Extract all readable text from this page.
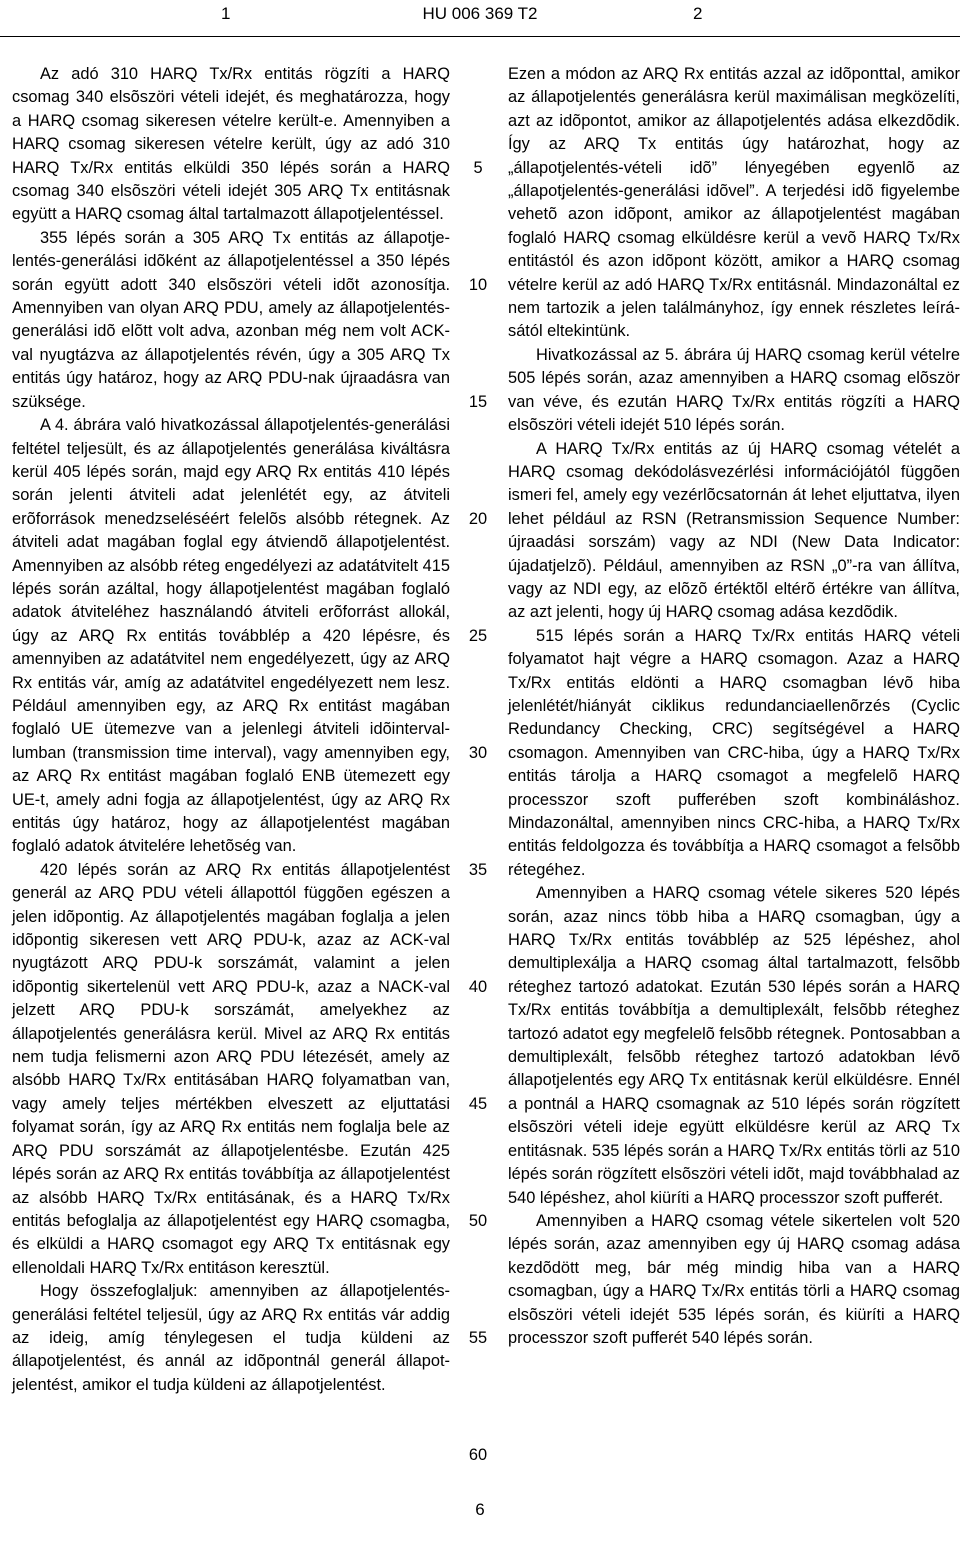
1	HU 006 369 T2	2

Az adó 310 HARQ Tx/Rx entitás rögzíti a HARQ csomag 340 elsõszöri vételi idejét, és meghatározza, hogy a HARQ csomag sikeresen vételre került-e. Amennyiben a HARQ csomag sikeresen vételre került, úgy az adó 310 HARQ Tx/Rx entitás elküldi 350 lépés során a HARQ csomag 340 elsõszöri vételi idejét 305 ARQ Tx entitásnak együtt a HARQ csomag által tartalmazott állapotjelentéssel.

355 lépés során a 305 ARQ Tx entitás az állapotjelentés-generálási idõként az állapotjelentéssel a 350 lépés során együtt adott 340 elsõszöri vételi idõt azonosítja. Amennyiben van olyan ARQ PDU, amely az állapotjelentés-generálási idõ elõtt volt adva, azonban még nem volt ACK-val nyugtázva az állapotjelentés révén, úgy a 305 ARQ Tx entitás úgy határoz, hogy az ARQ PDU-nak újraadásra van szüksége.

A 4. ábrára való hivatkozással állapotjelentés-generálási feltétel teljesült, és az állapotjelentés generálása kiváltásra kerül 405 lépés során, majd egy ARQ Rx entitás 410 lépés során jelenti átviteli adat jelenlétét egy, az átviteli erõforrások menedzseléséért felelõs alsóbb rétegnek. Az átviteli adat magában foglal egy átviendõ állapotjelentést. Amennyiben az alsóbb réteg engedélyezi az adatátvitelt 415 lépés során azáltal, hogy állapotjelentést magában foglaló adatok átviteléhez használandó átviteli erõforrást allokál, úgy az ARQ Rx entitás továbblép a 420 lépésre, és amennyiben az adatátvitel nem engedélyezett, úgy az ARQ Rx entitás vár, amíg az adatátvitel engedélyezett nem lesz. Például amennyiben egy, az ARQ Rx entitást magában foglaló UE ütemezve van a jelenlegi átviteli idõintervallumban (transmission time interval), vagy amennyiben egy, az ARQ Rx entitást magában foglaló ENB ütemezett egy UE-t, amely adni fogja az állapotjelentést, úgy az ARQ Rx entitás úgy határoz, hogy az állapotjelentést magában foglaló adatok átvitelére lehetõség van.

420 lépés során az ARQ Rx entitás állapotjelentést generál az ARQ PDU vételi állapottól függõen egészen a jelen idõpontig. Az állapotjelentés magában foglalja a jelen idõpontig sikeresen vett ARQ PDU-k, azaz az ACK-val nyugtázott ARQ PDU-k sorszámát, valamint a jelen idõpontig sikertelenül vett ARQ PDU-k, azaz a NACK-val jelzett ARQ PDU-k sorszámát, amelyekhez az állapotjelentés generálásra kerül. Mivel az ARQ Rx entitás nem tudja felismerni azon ARQ PDU létezését, amely az alsóbb HARQ Tx/Rx entitásában HARQ folyamatban van, vagy amely teljes mértékben elveszett az eljuttatási folyamat során, így az ARQ Rx entitás nem foglalja bele az ARQ PDU sorszámát az állapotjelentésbe. Ezután 425 lépés során az ARQ Rx entitás továbbítja az állapotjelentést az alsóbb HARQ Tx/Rx entitásának, és a HARQ Tx/Rx entitás befoglalja az állapotjelentést egy HARQ csomagba, és elküldi a HARQ csomagot egy ARQ Tx entitásnak egy ellenoldali HARQ Tx/Rx entitáson keresztül.

Hogy összefoglaljuk: amennyiben az állapotjelentés-generálási feltétel teljesül, úgy az ARQ Rx entitás vár addig az ideig, amíg ténylegesen el tudja küldeni az állapotjelentést, és annál az idõpontnál generál állapotjelentést, amikor el tudja küldeni az állapotjelentést.

5
10
15
20
25
30
35
40
45
50
55
60

Ezen a módon az ARQ Rx entitás azzal az idõponttal, amikor az állapotjelentés generálásra kerül maximálisan megközelíti, azt az idõpontot, amikor az állapotjelentés adása elkezdõdik. Így az ARQ Tx entitás úgy határozhat, hogy az „állapotjelentés-vételi idõ” lényegében egyenlõ az „állapotjelentés-generálási idõvel”. A terjedési idõ figyelembe vehetõ azon idõpont, amikor az állapotjelentést magában foglaló HARQ csomag elküldésre kerül a vevõ HARQ Tx/Rx entitástól és azon idõpont között, amikor a HARQ csomag vételre kerül az adó HARQ Tx/Rx entitásnál. Mindazonáltal ez nem tartozik a jelen találmányhoz, így ennek részletes leírásától eltekintünk.

Hivatkozással az 5. ábrára új HARQ csomag kerül vételre 505 lépés során, azaz amennyiben a HARQ csomag elõször van véve, és ezután HARQ Tx/Rx entitás rögzíti a HARQ elsõszöri vételi idejét 510 lépés során.

A HARQ Tx/Rx entitás az új HARQ csomag vételét a HARQ csomag dekódolásvezérlési információjától függõen ismeri fel, amely egy vezérlõcsatornán át lehet eljuttatva, ilyen lehet például az RSN (Retransmission Sequence Number: újraadási sorszám) vagy az NDI (New Data Indicator: újadatjelzõ). Például, amennyiben az RSN „0”-ra van állítva, vagy az NDI egy, az elõzõ értéktõl eltérõ értékre van állítva, az azt jelenti, hogy új HARQ csomag adása kezdõdik.

515 lépés során a HARQ Tx/Rx entitás HARQ vételi folyamatot hajt végre a HARQ csomagon. Azaz a HARQ Tx/Rx entitás eldönti a HARQ csomagban lévõ hiba jelenlétét/hiányát ciklikus redundanciaellenõrzés (Cyclic Redundancy Checking, CRC) segítségével a HARQ csomagon. Amennyiben van CRC-hiba, úgy a HARQ Tx/Rx entitás tárolja a HARQ csomagot a megfelelõ HARQ processzor szoft pufferében szoft kombináláshoz. Mindazonáltal, amennyiben nincs CRC-hiba, a HARQ Tx/Rx entitás feldolgozza és továbbítja a HARQ csomagot a felsõbb rétegéhez.

Amennyiben a HARQ csomag vétele sikeres 520 lépés során, azaz nincs több hiba a HARQ csomagban, úgy a HARQ Tx/Rx entitás továbblép az 525 lépéshez, ahol demultiplexálja a HARQ csomag által tartalmazott, felsõbb réteghez tartozó adatokat. Ezután 530 lépés során a HARQ Tx/Rx entitás továbbítja a demultiplexált, felsõbb réteghez tartozó adatot egy megfelelõ felsõbb rétegnek. Pontosabban a demultiplexált, felsõbb réteghez tartozó adatokban lévõ állapotjelentés egy ARQ Tx entitásnak kerül elküldésre. Ennél a pontnál a HARQ csomagnak az 510 lépés során rögzített elsõszöri vételi ideje együtt elküldésre kerül az ARQ Tx entitásnak. 535 lépés során a HARQ Tx/Rx entitás törli az 510 lépés során rögzített elsõszöri vételi idõt, majd továbbhalad az 540 lépéshez, ahol kiüríti a HARQ processzor szoft pufferét.

Amennyiben a HARQ csomag vétele sikertelen volt 520 lépés során, azaz amennyiben egy új HARQ csomag adása kezdõdött meg, bár még mindig hiba van a HARQ csomagban, úgy a HARQ Tx/Rx entitás törli a HARQ csomag elsõszöri vételi idejét 535 lépés során, és kiüríti a HARQ processzor szoft pufferét 540 lépés során.

6
